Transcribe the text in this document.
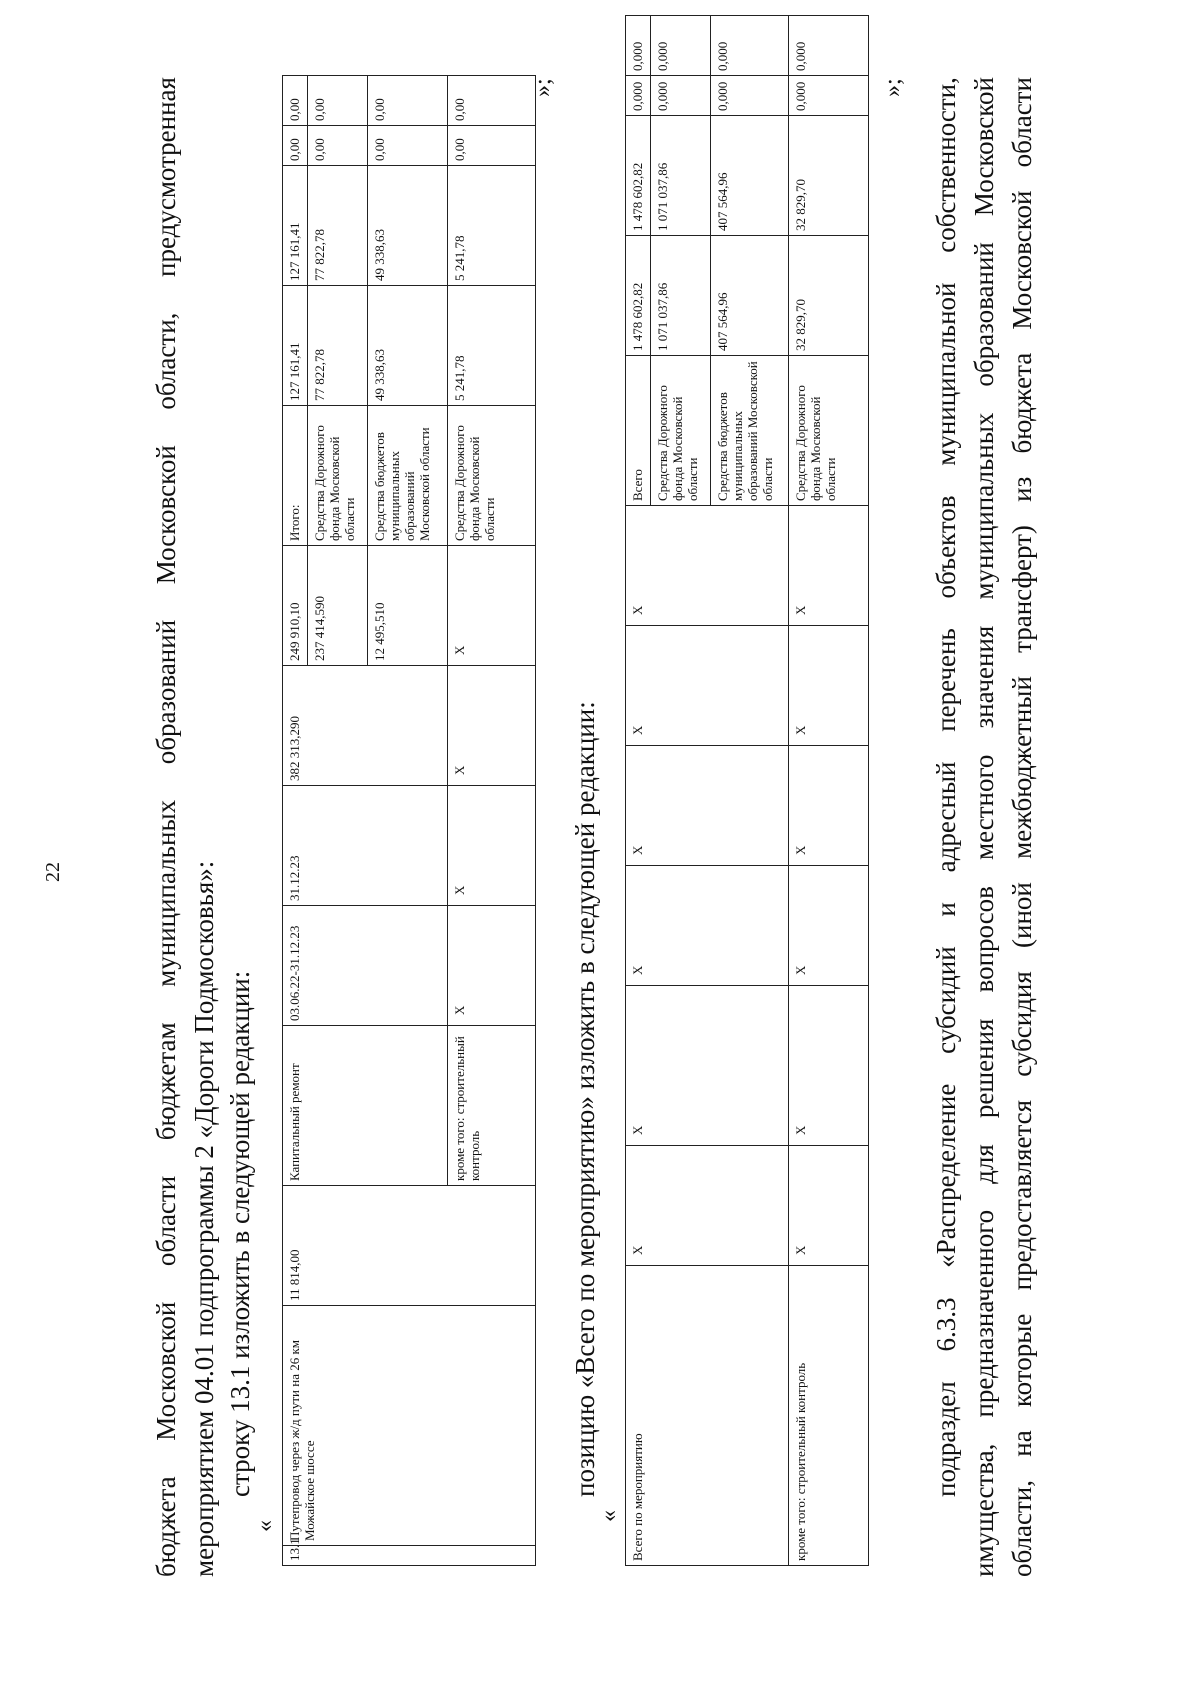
22
бюджета
Московской
области
бюджетам
муниципальных
образований
Московской
области,
предусмотренная
мероприятием 04.01 подпрограммы 2 «Дороги Подмосковья»: строку 13.1 изложить в следующей редакции:
«
13.1	Путепровод через ж/д пути на 26 км Можайское шоссе	11 814,00	Капитальный ремонт	03.06.22-31.12.23	31.12.23	382 313,290	249 910,10	Итого:	127 161,41	127 161,41	0,00	0,00
							237 414,590	Средства Дорожного фонда Московской области	77 822,78	77 822,78	0,00	0,00
							12 495,510	Средства бюджетов муниципальных образований Московской области	49 338,63	49 338,63	0,00	0,00
			кроме того: строительный контроль	Х	Х	Х	Х	Средства Дорожного фонда Московской области	5 241,78	5 241,78	0,00	0,00

»;
позицию «Всего по мероприятию» изложить в следующей редакции:
« Всего по мероприятию	Х	Х	Х	Х	Х	Х	Всего	1 478 602,82	1 478 602,82	0,000	0,000
							Средства Дорожного фонда Московской области	1 071 037,86	1 071 037,86	0,000	0,000
							Средства бюджетов муниципальных образований Московской области	407 564,96	407 564,96	0,000	0,000
кроме того: строительный контроль	Х	Х	Х	Х	Х	Х	Средства Дорожного фонда Московской области	32 829,70	32 829,70	0,000	0,000
»;
подраздел
6.3.3
«Распределение
субсидий
и
адресный
перечень
объектов
муниципальной
собственности,
имущества,
предназначенного
для
решения
вопросов
местного
значения
муниципальных
образований
Московской
области,
на
которые
предоставляется
субсидия
(иной
межбюджетный
трансферт)
из
бюджета
Московской
области
